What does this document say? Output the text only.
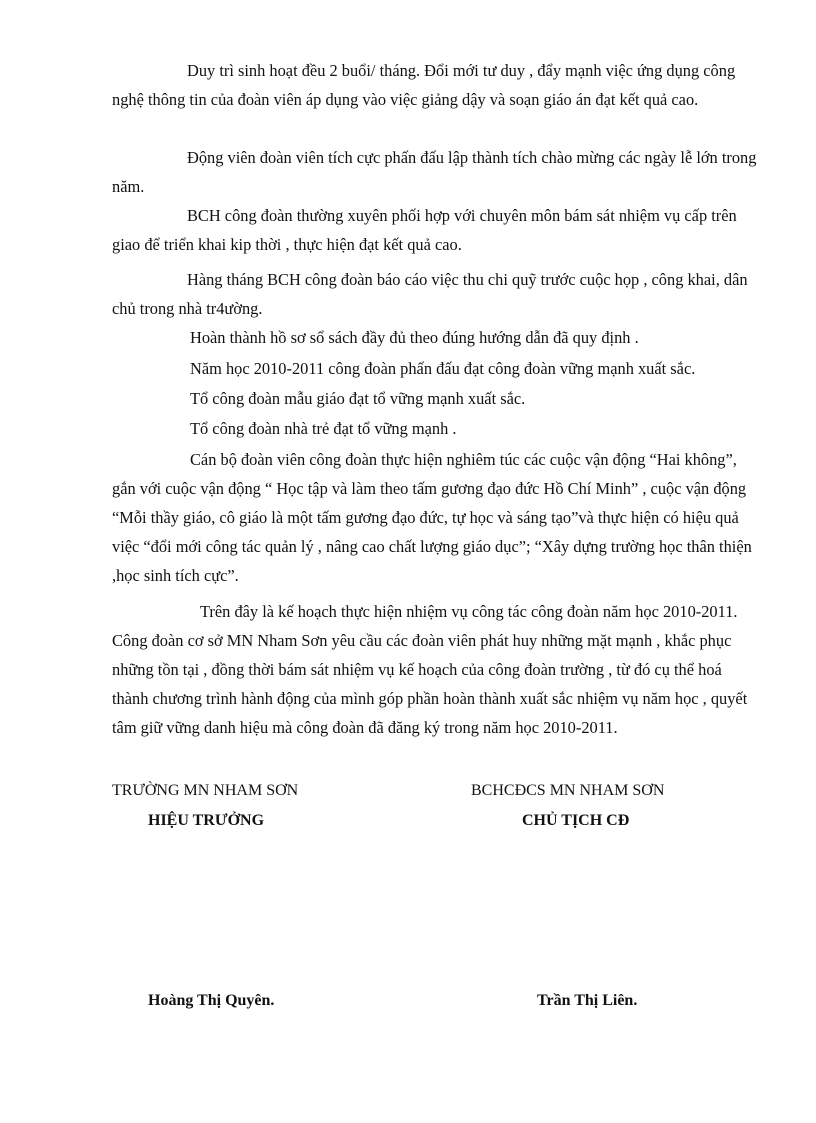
Duy trì sinh hoạt đều 2 buổi/ tháng. Đổi mới tư duy , đẩy mạnh việc ứng dụng công nghệ thông tin của đoàn viên áp dụng vào việc giảng dậy và soạn giáo án đạt kết quả cao.

Động viên đoàn viên tích cực phấn đấu lập thành tích chào mừng các ngày lễ lớn trong năm.

BCH công đoàn thường xuyên phối hợp với chuyên môn bám sát nhiệm vụ cấp trên giao để triển khai kip thời , thực hiện đạt kết quả cao.

Hàng tháng BCH công đoàn báo cáo việc thu chi quỹ trước cuộc họp , công khai, dân chủ trong nhà tr4ường.

Hoàn thành hồ sơ sổ sách đầy đủ theo đúng hướng dẫn đã quy định .

Năm học 2010-2011 công đoàn phấn đấu đạt công đoàn vững mạnh xuất sắc.

Tổ công đoàn mẫu giáo đạt tổ vững mạnh xuất sắc.

Tổ công đoàn nhà trẻ đạt tổ vững mạnh .

Cán bộ đoàn viên công đoàn thực hiện nghiêm túc các cuộc vận động “Hai không”, gắn với cuộc vận động “ Học tập và làm theo tấm gương đạo đức Hồ Chí Minh” , cuộc vận động “Mỗi thầy giáo, cô giáo là một tấm gương đạo đức, tự học và sáng tạo”và thực hiện có hiệu quả việc “đổi mới công tác quản lý , nâng cao chất lượng giáo dục”; “Xây dựng trường học thân thiện ,học sinh tích cực”.

Trên đây là kế hoạch thực hiện nhiệm vụ công tác công đoàn năm học 2010-2011. Công đoàn cơ sở MN Nham Sơn yêu cầu các đoàn viên phát huy những mặt mạnh , khắc phục những tồn tại , đồng thời bám sát nhiệm vụ kế hoạch của công đoàn trường , từ đó cụ thể hoá thành chương trình hành động của mình góp phần hoàn thành xuất sắc nhiệm vụ năm học , quyết tâm giữ vững danh hiệu mà công đoàn đã đăng ký trong năm học 2010-2011.

TRƯỜNG MN NHAM SƠN

HIỆU TRƯỞNG

Hoàng Thị Quyên.

BCHCĐCS MN NHAM SƠN

CHỦ TỊCH CĐ

Trần Thị Liên.
